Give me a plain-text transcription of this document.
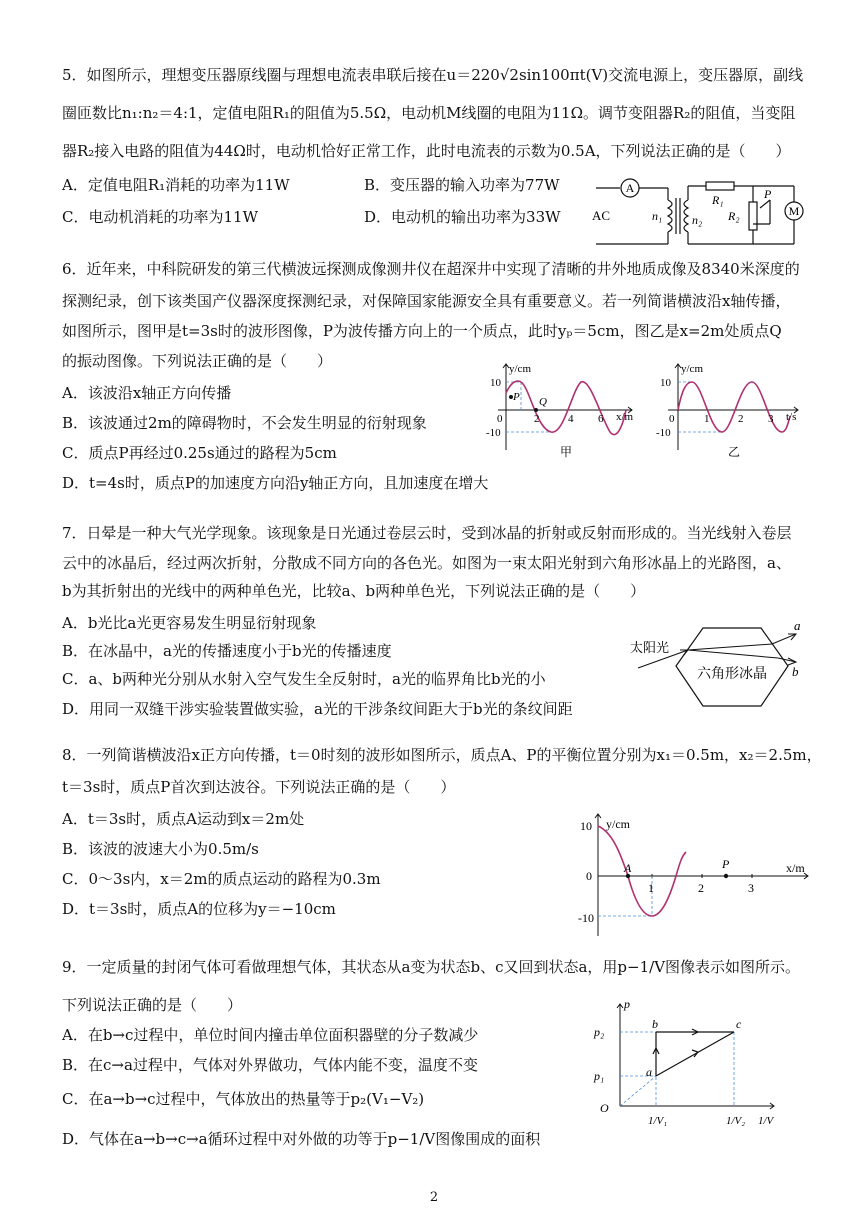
5．如图所示，理想变压器原线圈与理想电流表串联后接在u＝220√2sin100πt(V)交流电源上，变压器原，副线
圈匝数比n₁:n₂＝4:1，定值电阻R₁的阻值为5.5Ω，电动机M线圈的电阻为11Ω。调节变阻器R₂的阻值，当变阻
器R₂接入电路的阻值为44Ω时，电动机恰好正常工作，此时电流表的示数为0.5A，下列说法正确的是（　　）
A．定值电阻R₁消耗的功率为11W	B．变压器的输入功率为77W
C．电动机消耗的功率为11W	D．电动机的输出功率为33W
A
AC	n₁ n₂
R₁
R₂
P
M
6．近年来，中科院研发的第三代横波远探测成像测井仪在超深井中实现了清晰的井外地质成像及8340米深度的
探测纪录，创下该类国产仪器深度探测纪录，对保障国家能源安全具有重要意义。若一列简谐横波沿x轴传播，
如图所示，图甲是t=3s时的波形图像，P为波传播方向上的一个质点，此时yₚ＝5cm，图乙是x=2m处质点Q
的振动图像。下列说法正确的是（　　）
A．该波沿x轴正方向传播
B．该波通过2m的障碍物时，不会发生明显的衍射现象
C．质点P再经过0.25s通过的路程为5cm
D．t=4s时，质点P的加速度方向沿y轴正方向，且加速度在增大
y/cm
10
-10
0
P Q
2	4 6 x/m
甲
y/cm
10
-10
0	1	2 3 t/s
乙
7．日晕是一种大气光学现象。该现象是日光通过卷层云时，受到冰晶的折射或反射而形成的。当光线射入卷层
云中的冰晶后，经过两次折射，分散成不同方向的各色光。如图为一束太阳光射到六角形冰晶上的光路图，a、
b为其折射出的光线中的两种单色光，比较a、b两种单色光，下列说法正确的是（　　）
A．b光比a光更容易发生明显衍射现象
B．在冰晶中，a光的传播速度小于b光的传播速度
C．a、b两种光分别从水射入空气发生全反射时，a光的临界角比b光的小
D．用同一双缝干涉实验装置做实验，a光的干涉条纹间距大于b光的条纹间距
太阳光
六角形冰晶
a
b
8．一列简谐横波沿x正方向传播，t＝0时刻的波形如图所示，质点A、P的平衡位置分别为x₁＝0.5m，x₂＝2.5m，
t＝3s时，质点P首次到达波谷。下列说法正确的是（　　）
A．t＝3s时，质点A运动到x＝2m处
B．该波的波速大小为0.5m/s
C．0～3s内，x＝2m的质点运动的路程为0.3m
D．t＝3s时，质点A的位移为y＝−10cm
y/cm
10
-10
0
A	P
1	2	3
x/m
9．一定质量的封闭气体可看做理想气体，其状态从a变为状态b、c又回到状态a，用p−1/V图像表示如图所示。
下列说法正确的是（　　）
A．在b→c过程中，单位时间内撞击单位面积器壁的分子数减少
B．在c→a过程中，气体对外界做功，气体内能不变，温度不变
C．在a→b→c过程中，气体放出的热量等于p₂(V₁−V₂)
D．气体在a→b→c→a循环过程中对外做的功等于p−1/V图像围成的面积
p
p₂
p₁
O
a
b	c
1/V₁	1/V₂ 1/V
2
